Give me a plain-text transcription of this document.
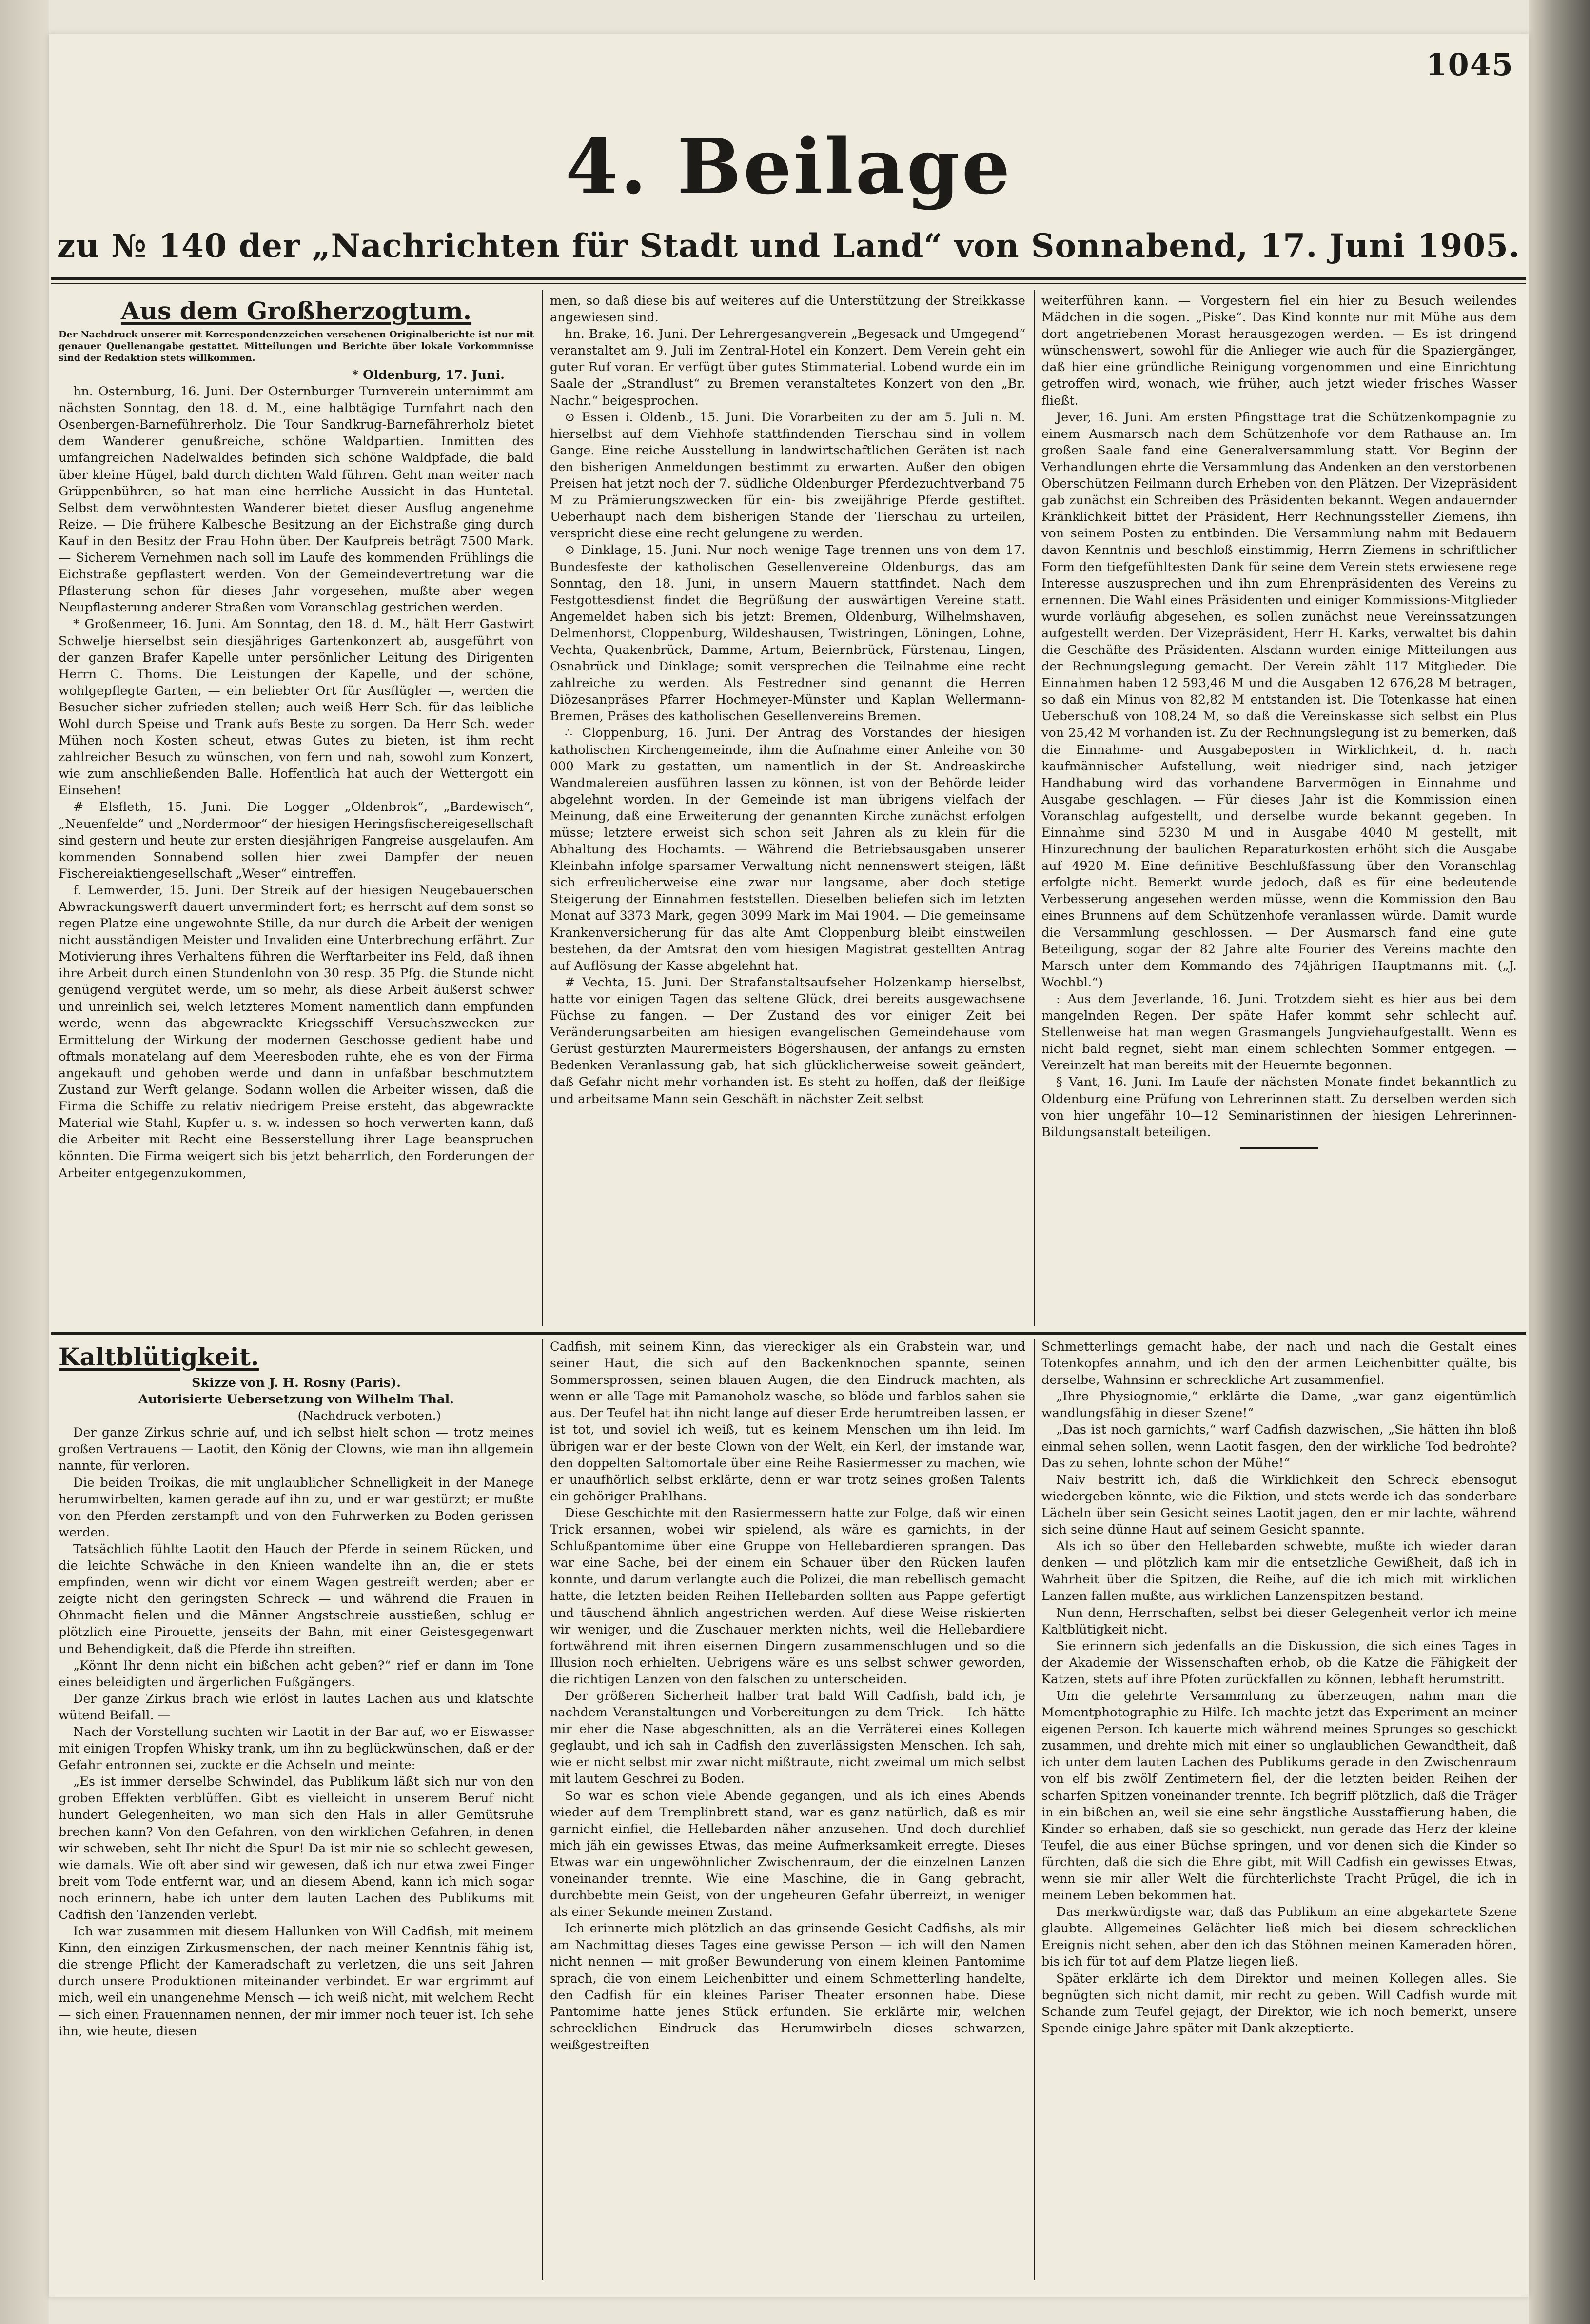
1045
4. Beilage
zu № 140 der „Nachrichten für Stadt und Land“ von Sonnabend, 17. Juni 1905.
Aus dem Großherzogtum.
Der Nachdruck unserer mit Korrespondenzzeichen versehenen Originalberichte ist nur mit genauer Quellenangabe gestattet. Mitteilungen und Berichte über lokale Vorkommnisse sind der Redaktion stets willkommen.
* Oldenburg, 17. Juni.

hn. Osternburg, 16. Juni. Der Osternburger Turnverein unternimmt am nächsten Sonntag, den 18. d. M., eine halbtägige Turnfahrt nach den Osenbergen-Barneführerholz. Die Tour Sandkrug-Barnefährerholz bietet dem Wanderer genußreiche, schöne Waldpartien. Inmitten des umfangreichen Nadelwaldes befinden sich schöne Waldpfade, die bald über kleine Hügel, bald durch dichten Wald führen. Geht man weiter nach Grüppenbühren, so hat man eine herrliche Aussicht in das Huntetal. Selbst dem verwöhntesten Wanderer bietet dieser Ausflug angenehme Reize. — Die frühere Kalbesche Besitzung an der Eichstraße ging durch Kauf in den Besitz der Frau Hohn über. Der Kaufpreis beträgt 7500 Mark. — Sicherem Vernehmen nach soll im Laufe des kommenden Frühlings die Eichstraße gepflastert werden. Von der Gemeindevertretung war die Pflasterung schon für dieses Jahr vorgesehen, mußte aber wegen Neupflasterung anderer Straßen vom Voranschlag gestrichen werden.

* Großenmeer, 16. Juni. Am Sonntag, den 18. d. M., hält Herr Gastwirt Schwelje hierselbst sein diesjähriges Gartenkonzert ab, ausgeführt von der ganzen Brafer Kapelle unter persönlicher Leitung des Dirigenten Herrn C. Thoms. Die Leistungen der Kapelle, und der schöne, wohlgepflegte Garten, — ein beliebter Ort für Ausflügler —, werden die Besucher sicher zufrieden stellen; auch weiß Herr Sch. für das leibliche Wohl durch Speise und Trank aufs Beste zu sorgen. Da Herr Sch. weder Mühen noch Kosten scheut, etwas Gutes zu bieten, ist ihm recht zahlreicher Besuch zu wünschen, von fern und nah, sowohl zum Konzert, wie zum anschließenden Balle. Hoffentlich hat auch der Wettergott ein Einsehen!

# Elsfleth, 15. Juni. Die Logger „Oldenbrok“, „Bardewisch“, „Neuenfelde“ und „Nordermoor“ der hiesigen Heringsfischereigesellschaft sind gestern und heute zur ersten diesjährigen Fangreise ausgelaufen. Am kommenden Sonnabend sollen hier zwei Dampfer der neuen Fischereiaktiengesellschaft „Weser“ eintreffen.

f. Lemwerder, 15. Juni. Der Streik auf der hiesigen Neugebauerschen Abwrackungswerft dauert unvermindert fort; es herrscht auf dem sonst so regen Platze eine ungewohnte Stille, da nur durch die Arbeit der wenigen nicht ausständigen Meister und Invaliden eine Unterbrechung erfährt. Zur Motivierung ihres Verhaltens führen die Werftarbeiter ins Feld, daß ihnen ihre Arbeit durch einen Stundenlohn von 30 resp. 35 Pfg. die Stunde nicht genügend vergütet werde, um so mehr, als diese Arbeit äußerst schwer und unreinlich sei, welch letzteres Moment namentlich dann empfunden werde, wenn das abgewrackte Kriegsschiff Versuchszwecken zur Ermittelung der Wirkung der modernen Geschosse gedient habe und oftmals monatelang auf dem Meeresboden ruhte, ehe es von der Firma angekauft und gehoben werde und dann in unfaßbar beschmutztem Zustand zur Werft gelange. Sodann wollen die Arbeiter wissen, daß die Firma die Schiffe zu relativ niedrigem Preise ersteht, das abgewrackte Material wie Stahl, Kupfer u. s. w. indessen so hoch verwerten kann, daß die Arbeiter mit Recht eine Besserstellung ihrer Lage beanspruchen könnten. Die Firma weigert sich bis jetzt beharrlich, den Forderungen der Arbeiter entgegenzukommen,

men, so daß diese bis auf weiteres auf die Unterstützung der Streikkasse angewiesen sind.

hn. Brake, 16. Juni. Der Lehrergesangverein „Begesack und Umgegend“ veranstaltet am 9. Juli im Zentral-Hotel ein Konzert. Dem Verein geht ein guter Ruf voran. Er verfügt über gutes Stimmaterial. Lobend wurde ein im Saale der „Strandlust“ zu Bremen veranstaltetes Konzert von den „Br. Nachr.“ beigesprochen.

⊙ Essen i. Oldenb., 15. Juni. Die Vorarbeiten zu der am 5. Juli n. M. hierselbst auf dem Viehhofe stattfindenden Tierschau sind in vollem Gange. Eine reiche Ausstellung in landwirtschaftlichen Geräten ist nach den bisherigen Anmeldungen bestimmt zu erwarten. Außer den obigen Preisen hat jetzt noch der 7. südliche Oldenburger Pferdezuchtverband 75 M zu Prämierungszwecken für ein- bis zweijährige Pferde gestiftet. Ueberhaupt nach dem bisherigen Stande der Tierschau zu urteilen, verspricht diese eine recht gelungene zu werden.

⊙ Dinklage, 15. Juni. Nur noch wenige Tage trennen uns von dem 17. Bundesfeste der katholischen Gesellenvereine Oldenburgs, das am Sonntag, den 18. Juni, in unsern Mauern stattfindet. Nach dem Festgottesdienst findet die Begrüßung der auswärtigen Vereine statt. Angemeldet haben sich bis jetzt: Bremen, Oldenburg, Wilhelmshaven, Delmenhorst, Cloppenburg, Wildeshausen, Twistringen, Löningen, Lohne, Vechta, Quakenbrück, Damme, Artum, Beiernbrück, Fürstenau, Lingen, Osnabrück und Dinklage; somit versprechen die Teilnahme eine recht zahlreiche zu werden. Als Festredner sind genannt die Herren Diözesanpräses Pfarrer Hochmeyer-Münster und Kaplan Wellermann-Bremen, Präses des katholischen Gesellenvereins Bremen.

∴ Cloppenburg, 16. Juni. Der Antrag des Vorstandes der hiesigen katholischen Kirchengemeinde, ihm die Aufnahme einer Anleihe von 30 000 Mark zu gestatten, um namentlich in der St. Andreaskirche Wandmalereien ausführen lassen zu können, ist von der Behörde leider abgelehnt worden. In der Gemeinde ist man übrigens vielfach der Meinung, daß eine Erweiterung der genannten Kirche zunächst erfolgen müsse; letztere erweist sich schon seit Jahren als zu klein für die Abhaltung des Hochamts. — Während die Betriebsausgaben unserer Kleinbahn infolge sparsamer Verwaltung nicht nennenswert steigen, läßt sich erfreulicherweise eine zwar nur langsame, aber doch stetige Steigerung der Einnahmen feststellen. Dieselben beliefen sich im letzten Monat auf 3373 Mark, gegen 3099 Mark im Mai 1904. — Die gemeinsame Krankenversicherung für das alte Amt Cloppenburg bleibt einstweilen bestehen, da der Amtsrat den vom hiesigen Magistrat gestellten Antrag auf Auflösung der Kasse abgelehnt hat.

# Vechta, 15. Juni. Der Strafanstaltsaufseher Holzenkamp hierselbst, hatte vor einigen Tagen das seltene Glück, drei bereits ausgewachsene Füchse zu fangen. — Der Zustand des vor einiger Zeit bei Veränderungsarbeiten am hiesigen evangelischen Gemeindehause vom Gerüst gestürzten Maurermeisters Bögershausen, der anfangs zu ernsten Bedenken Veranlassung gab, hat sich glücklicherweise soweit geändert, daß Gefahr nicht mehr vorhanden ist. Es steht zu hoffen, daß der fleißige und arbeitsame Mann sein Geschäft in nächster Zeit selbst

weiterführen kann. — Vorgestern fiel ein hier zu Besuch weilendes Mädchen in die sogen. „Piske“. Das Kind konnte nur mit Mühe aus dem dort angetriebenen Morast herausgezogen werden. — Es ist dringend wünschenswert, sowohl für die Anlieger wie auch für die Spaziergänger, daß hier eine gründliche Reinigung vorgenommen und eine Einrichtung getroffen wird, wonach, wie früher, auch jetzt wieder frisches Wasser fließt.

Jever, 16. Juni. Am ersten Pfingsttage trat die Schützenkompagnie zu einem Ausmarsch nach dem Schützenhofe vor dem Rathause an. Im großen Saale fand eine Generalversammlung statt. Vor Beginn der Verhandlungen ehrte die Versammlung das Andenken an den verstorbenen Oberschützen Feilmann durch Erheben von den Plätzen. Der Vizepräsident gab zunächst ein Schreiben des Präsidenten bekannt. Wegen andauernder Kränklichkeit bittet der Präsident, Herr Rechnungssteller Ziemens, ihn von seinem Posten zu entbinden. Die Versammlung nahm mit Bedauern davon Kenntnis und beschloß einstimmig, Herrn Ziemens in schriftlicher Form den tiefgefühltesten Dank für seine dem Verein stets erwiesene rege Interesse auszusprechen und ihn zum Ehrenpräsidenten des Vereins zu ernennen. Die Wahl eines Präsidenten und einiger Kommissions-Mitglieder wurde vorläufig abgesehen, es sollen zunächst neue Vereinssatzungen aufgestellt werden. Der Vizepräsident, Herr H. Karks, verwaltet bis dahin die Geschäfte des Präsidenten. Alsdann wurden einige Mitteilungen aus der Rechnungslegung gemacht. Der Verein zählt 117 Mitglieder. Die Einnahmen haben 12 593,46 M und die Ausgaben 12 676,28 M betragen, so daß ein Minus von 82,82 M entstanden ist. Die Totenkasse hat einen Ueberschuß von 108,24 M, so daß die Vereinskasse sich selbst ein Plus von 25,42 M vorhanden ist. Zu der Rechnungslegung ist zu bemerken, daß die Einnahme- und Ausgabeposten in Wirklichkeit, d. h. nach kaufmännischer Aufstellung, weit niedriger sind, nach jetziger Handhabung wird das vorhandene Barvermögen in Einnahme und Ausgabe geschlagen. — Für dieses Jahr ist die Kommission einen Voranschlag aufgestellt, und derselbe wurde bekannt gegeben. In Einnahme sind 5230 M und in Ausgabe 4040 M gestellt, mit Hinzurechnung der baulichen Reparaturkosten erhöht sich die Ausgabe auf 4920 M. Eine definitive Beschlußfassung über den Voranschlag erfolgte nicht. Bemerkt wurde jedoch, daß es für eine bedeutende Verbesserung angesehen werden müsse, wenn die Kommission den Bau eines Brunnens auf dem Schützenhofe veranlassen würde. Damit wurde die Versammlung geschlossen. — Der Ausmarsch fand eine gute Beteiligung, sogar der 82 Jahre alte Fourier des Vereins machte den Marsch unter dem Kommando des 74jährigen Hauptmanns mit. („J. Wochbl.“)

: Aus dem Jeverlande, 16. Juni. Trotzdem sieht es hier aus bei dem mangelnden Regen. Der späte Hafer kommt sehr schlecht auf. Stellenweise hat man wegen Grasmangels Jungviehaufgestallt. Wenn es nicht bald regnet, sieht man einem schlechten Sommer entgegen. — Vereinzelt hat man bereits mit der Heuernte begonnen.

§ Vant, 16. Juni. Im Laufe der nächsten Monate findet bekanntlich zu Oldenburg eine Prüfung von Lehrerinnen statt. Zu derselben werden sich von hier ungefähr 10—12 Seminaristinnen der hiesigen Lehrerinnen-Bildungsanstalt beteiligen.

Kaltblütigkeit.
Skizze von J. H. Rosny (Paris).
Autorisierte Uebersetzung von Wilhelm Thal.
(Nachdruck verboten.)

Der ganze Zirkus schrie auf, und ich selbst hielt schon — trotz meines großen Vertrauens — Laotit, den König der Clowns, wie man ihn allgemein nannte, für verloren.

Die beiden Troikas, die mit unglaublicher Schnelligkeit in der Manege herumwirbelten, kamen gerade auf ihn zu, und er war gestürzt; er mußte von den Pferden zerstampft und von den Fuhrwerken zu Boden gerissen werden.

Tatsächlich fühlte Laotit den Hauch der Pferde in seinem Rücken, und die leichte Schwäche in den Knieen wandelte ihn an, die er stets empfinden, wenn wir dicht vor einem Wagen gestreift werden; aber er zeigte nicht den geringsten Schreck — und während die Frauen in Ohnmacht fielen und die Männer Angstschreie ausstießen, schlug er plötzlich eine Pirouette, jenseits der Bahn, mit einer Geistesgegenwart und Behendigkeit, daß die Pferde ihn streiften.

„Könnt Ihr denn nicht ein bißchen acht geben?“ rief er dann im Tone eines beleidigten und ärgerlichen Fußgängers.

Der ganze Zirkus brach wie erlöst in lautes Lachen aus und klatschte wütend Beifall. —

Nach der Vorstellung suchten wir Laotit in der Bar auf, wo er Eiswasser mit einigen Tropfen Whisky trank, um ihn zu beglückwünschen, daß er der Gefahr entronnen sei, zuckte er die Achseln und meinte:

„Es ist immer derselbe Schwindel, das Publikum läßt sich nur von den groben Effekten verblüffen. Gibt es vielleicht in unserem Beruf nicht hundert Gelegenheiten, wo man sich den Hals in aller Gemütsruhe brechen kann? Von den Gefahren, von den wirklichen Gefahren, in denen wir schweben, seht Ihr nicht die Spur! Da ist mir nie so schlecht gewesen, wie damals. Wie oft aber sind wir gewesen, daß ich nur etwa zwei Finger breit vom Tode entfernt war, und an diesem Abend, kann ich mich sogar noch erinnern, habe ich unter dem lauten Lachen des Publikums mit Cadfish den Tanzenden verlebt.

Ich war zusammen mit diesem Hallunken von Will Cadfish, mit meinem Kinn, den einzigen Zirkusmenschen, der nach meiner Kenntnis fähig ist, die strenge Pflicht der Kameradschaft zu verletzen, die uns seit Jahren durch unsere Produktionen miteinander verbindet. Er war ergrimmt auf mich, weil ein unangenehme Mensch — ich weiß nicht, mit welchem Recht — sich einen Frauennamen nennen, der mir immer noch teuer ist. Ich sehe ihn, wie heute, diesen

Cadfish, mit seinem Kinn, das viereckiger als ein Grabstein war, und seiner Haut, die sich auf den Backenknochen spannte, seinen Sommersprossen, seinen blauen Augen, die den Eindruck machten, als wenn er alle Tage mit Pamanoholz wasche, so blöde und farblos sahen sie aus. Der Teufel hat ihn nicht lange auf dieser Erde herumtreiben lassen, er ist tot, und soviel ich weiß, tut es keinem Menschen um ihn leid. Im übrigen war er der beste Clown von der Welt, ein Kerl, der imstande war, den doppelten Saltomortale über eine Reihe Rasiermesser zu machen, wie er unaufhörlich selbst erklärte, denn er war trotz seines großen Talents ein gehöriger Prahlhans.

Diese Geschichte mit den Rasiermessern hatte zur Folge, daß wir einen Trick ersannen, wobei wir spielend, als wäre es garnichts, in der Schlußpantomime über eine Gruppe von Hellebardieren sprangen. Das war eine Sache, bei der einem ein Schauer über den Rücken laufen konnte, und darum verlangte auch die Polizei, die man rebellisch gemacht hatte, die letzten beiden Reihen Hellebarden sollten aus Pappe gefertigt und täuschend ähnlich angestrichen werden. Auf diese Weise riskierten wir weniger, und die Zuschauer merkten nichts, weil die Hellebardiere fortwährend mit ihren eisernen Dingern zusammenschlugen und so die Illusion noch erhielten. Uebrigens wäre es uns selbst schwer geworden, die richtigen Lanzen von den falschen zu unterscheiden.

Der größeren Sicherheit halber trat bald Will Cadfish, bald ich, je nachdem Veranstaltungen und Vorbereitungen zu dem Trick. — Ich hätte mir eher die Nase abgeschnitten, als an die Verräterei eines Kollegen geglaubt, und ich sah in Cadfish den zuverlässigsten Menschen. Ich sah, wie er nicht selbst mir zwar nicht mißtraute, nicht zweimal um mich selbst mit lautem Geschrei zu Boden.

So war es schon viele Abende gegangen, und als ich eines Abends wieder auf dem Tremplinbrett stand, war es ganz natürlich, daß es mir garnicht einfiel, die Hellebarden näher anzusehen. Und doch durchlief mich jäh ein gewisses Etwas, das meine Aufmerksamkeit erregte. Dieses Etwas war ein ungewöhnlicher Zwischenraum, der die einzelnen Lanzen voneinander trennte. Wie eine Maschine, die in Gang gebracht, durchbebte mein Geist, von der ungeheuren Gefahr überreizt, in weniger als einer Sekunde meinen Zustand.

Ich erinnerte mich plötzlich an das grinsende Gesicht Cadfishs, als mir am Nachmittag dieses Tages eine gewisse Person — ich will den Namen nicht nennen — mit großer Bewunderung von einem kleinen Pantomime sprach, die von einem Leichenbitter und einem Schmetterling handelte, den Cadfish für ein kleines Pariser Theater ersonnen habe. Diese Pantomime hatte jenes Stück erfunden. Sie erklärte mir, welchen schrecklichen Eindruck das Herumwirbeln dieses schwarzen, weißgestreiften

Schmetterlings gemacht habe, der nach und nach die Gestalt eines Totenkopfes annahm, und ich den der armen Leichenbitter quälte, bis derselbe, Wahnsinn er schreckliche Art zusammenfiel.

„Ihre Physiognomie,“ erklärte die Dame, „war ganz eigentümlich wandlungsfähig in dieser Szene!“

„Das ist noch garnichts,“ warf Cadfish dazwischen, „Sie hätten ihn bloß einmal sehen sollen, wenn Laotit fasgen, den der wirkliche Tod bedrohte? Das zu sehen, lohnte schon der Mühe!“

Naiv bestritt ich, daß die Wirklichkeit den Schreck ebensogut wiedergeben könnte, wie die Fiktion, und stets werde ich das sonderbare Lächeln über sein Gesicht seines Laotit jagen, den er mir lachte, während sich seine dünne Haut auf seinem Gesicht spannte.

Als ich so über den Hellebarden schwebte, mußte ich wieder daran denken — und plötzlich kam mir die entsetzliche Gewißheit, daß ich in Wahrheit über die Spitzen, die Reihe, auf die ich mich mit wirklichen Lanzen fallen mußte, aus wirklichen Lanzenspitzen bestand.

Nun denn, Herrschaften, selbst bei dieser Gelegenheit verlor ich meine Kaltblütigkeit nicht.

Sie erinnern sich jedenfalls an die Diskussion, die sich eines Tages in der Akademie der Wissenschaften erhob, ob die Katze die Fähigkeit der Katzen, stets auf ihre Pfoten zurückfallen zu können, lebhaft herumstritt.

Um die gelehrte Versammlung zu überzeugen, nahm man die Momentphotographie zu Hilfe. Ich machte jetzt das Experiment an meiner eigenen Person. Ich kauerte mich während meines Sprunges so geschickt zusammen, und drehte mich mit einer so unglaublichen Gewandtheit, daß ich unter dem lauten Lachen des Publikums gerade in den Zwischenraum von elf bis zwölf Zentimetern fiel, der die letzten beiden Reihen der scharfen Spitzen voneinander trennte. Ich begriff plötzlich, daß die Träger in ein bißchen an, weil sie eine sehr ängstliche Ausstaffierung haben, die Kinder so erhaben, daß sie so geschickt, nun gerade das Herz der kleine Teufel, die aus einer Büchse springen, und vor denen sich die Kinder so fürchten, daß die sich die Ehre gibt, mit Will Cadfish ein gewisses Etwas, wenn sie mir aller Welt die fürchterlichste Tracht Prügel, die ich in meinem Leben bekommen hat.

Das merkwürdigste war, daß das Publikum an eine abgekartete Szene glaubte. Allgemeines Gelächter ließ mich bei diesem schrecklichen Ereignis nicht sehen, aber den ich das Stöhnen meinen Kameraden hören, bis ich für tot auf dem Platze liegen ließ.

Später erklärte ich dem Direktor und meinen Kollegen alles. Sie begnügten sich nicht damit, mir recht zu geben. Will Cadfish wurde mit Schande zum Teufel gejagt, der Direktor, wie ich noch bemerkt, unsere Spende einige Jahre später mit Dank akzeptierte.
